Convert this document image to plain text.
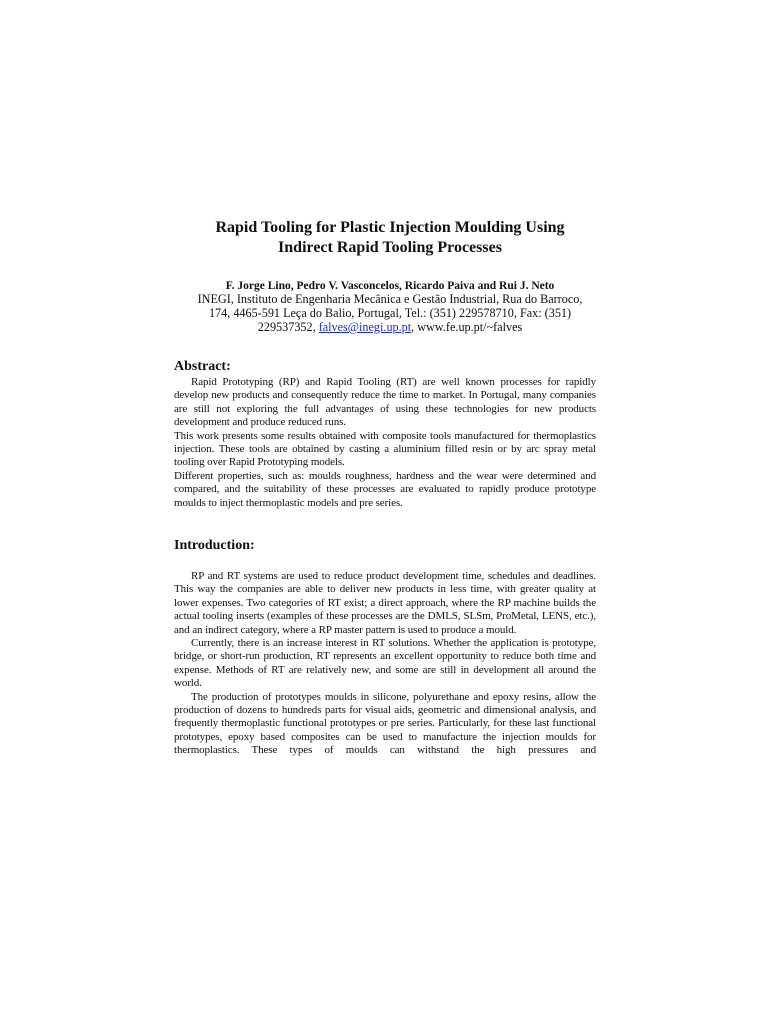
Rapid Tooling for Plastic Injection Moulding Using
Indirect Rapid Tooling Processes

F. Jorge Lino, Pedro V. Vasconcelos, Ricardo Paiva and Rui J. Neto

INEGI, Instituto de Engenharia Mecânica e Gestão Industrial, Rua do Barroco,
174, 4465-591 Leça do Balio, Portugal, Tel.: (351) 229578710, Fax: (351)
229537352, falves@inegi.up.pt, www.fe.up.pt/~falves

Abstract:

Rapid Prototyping (RP) and Rapid Tooling (RT) are well known processes for rapidly develop new products and consequently reduce the time to market. In Portugal, many companies are still not exploring the full advantages of using these technologies for new products development and produce reduced runs.

This work presents some results obtained with composite tools manufactured for thermoplastics injection. These tools are obtained by casting a aluminium filled resin or by arc spray metal tooling over Rapid Prototyping models.

Different properties, such as: moulds roughness, hardness and the wear were determined and compared, and the suitability of these processes are evaluated to rapidly produce prototype moulds to inject thermoplastic models and pre series.

Introduction:

RP and RT systems are used to reduce product development time, schedules and deadlines. This way the companies are able to deliver new products in less time, with greater quality at lower expenses. Two categories of RT exist; a direct approach, where the RP machine builds the actual tooling inserts (examples of these processes are the DMLS, SLSm, ProMetal, LENS, etc.), and an indirect category, where a RP master pattern is used to produce a mould.

Currently, there is an increase interest in RT solutions. Whether the application is prototype, bridge, or short-run production, RT represents an excellent opportunity to reduce both time and expense. Methods of RT are relatively new, and some are still in development all around the world.

The production of prototypes moulds in silicone, polyurethane and epoxy resins, allow the production of dozens to hundreds parts for visual aids, geometric and dimensional analysis, and frequently thermoplastic functional prototypes or pre series. Particularly, for these last functional prototypes, epoxy based composites can be used to manufacture the injection moulds for thermoplastics. These types of moulds can withstand the high pressures and
